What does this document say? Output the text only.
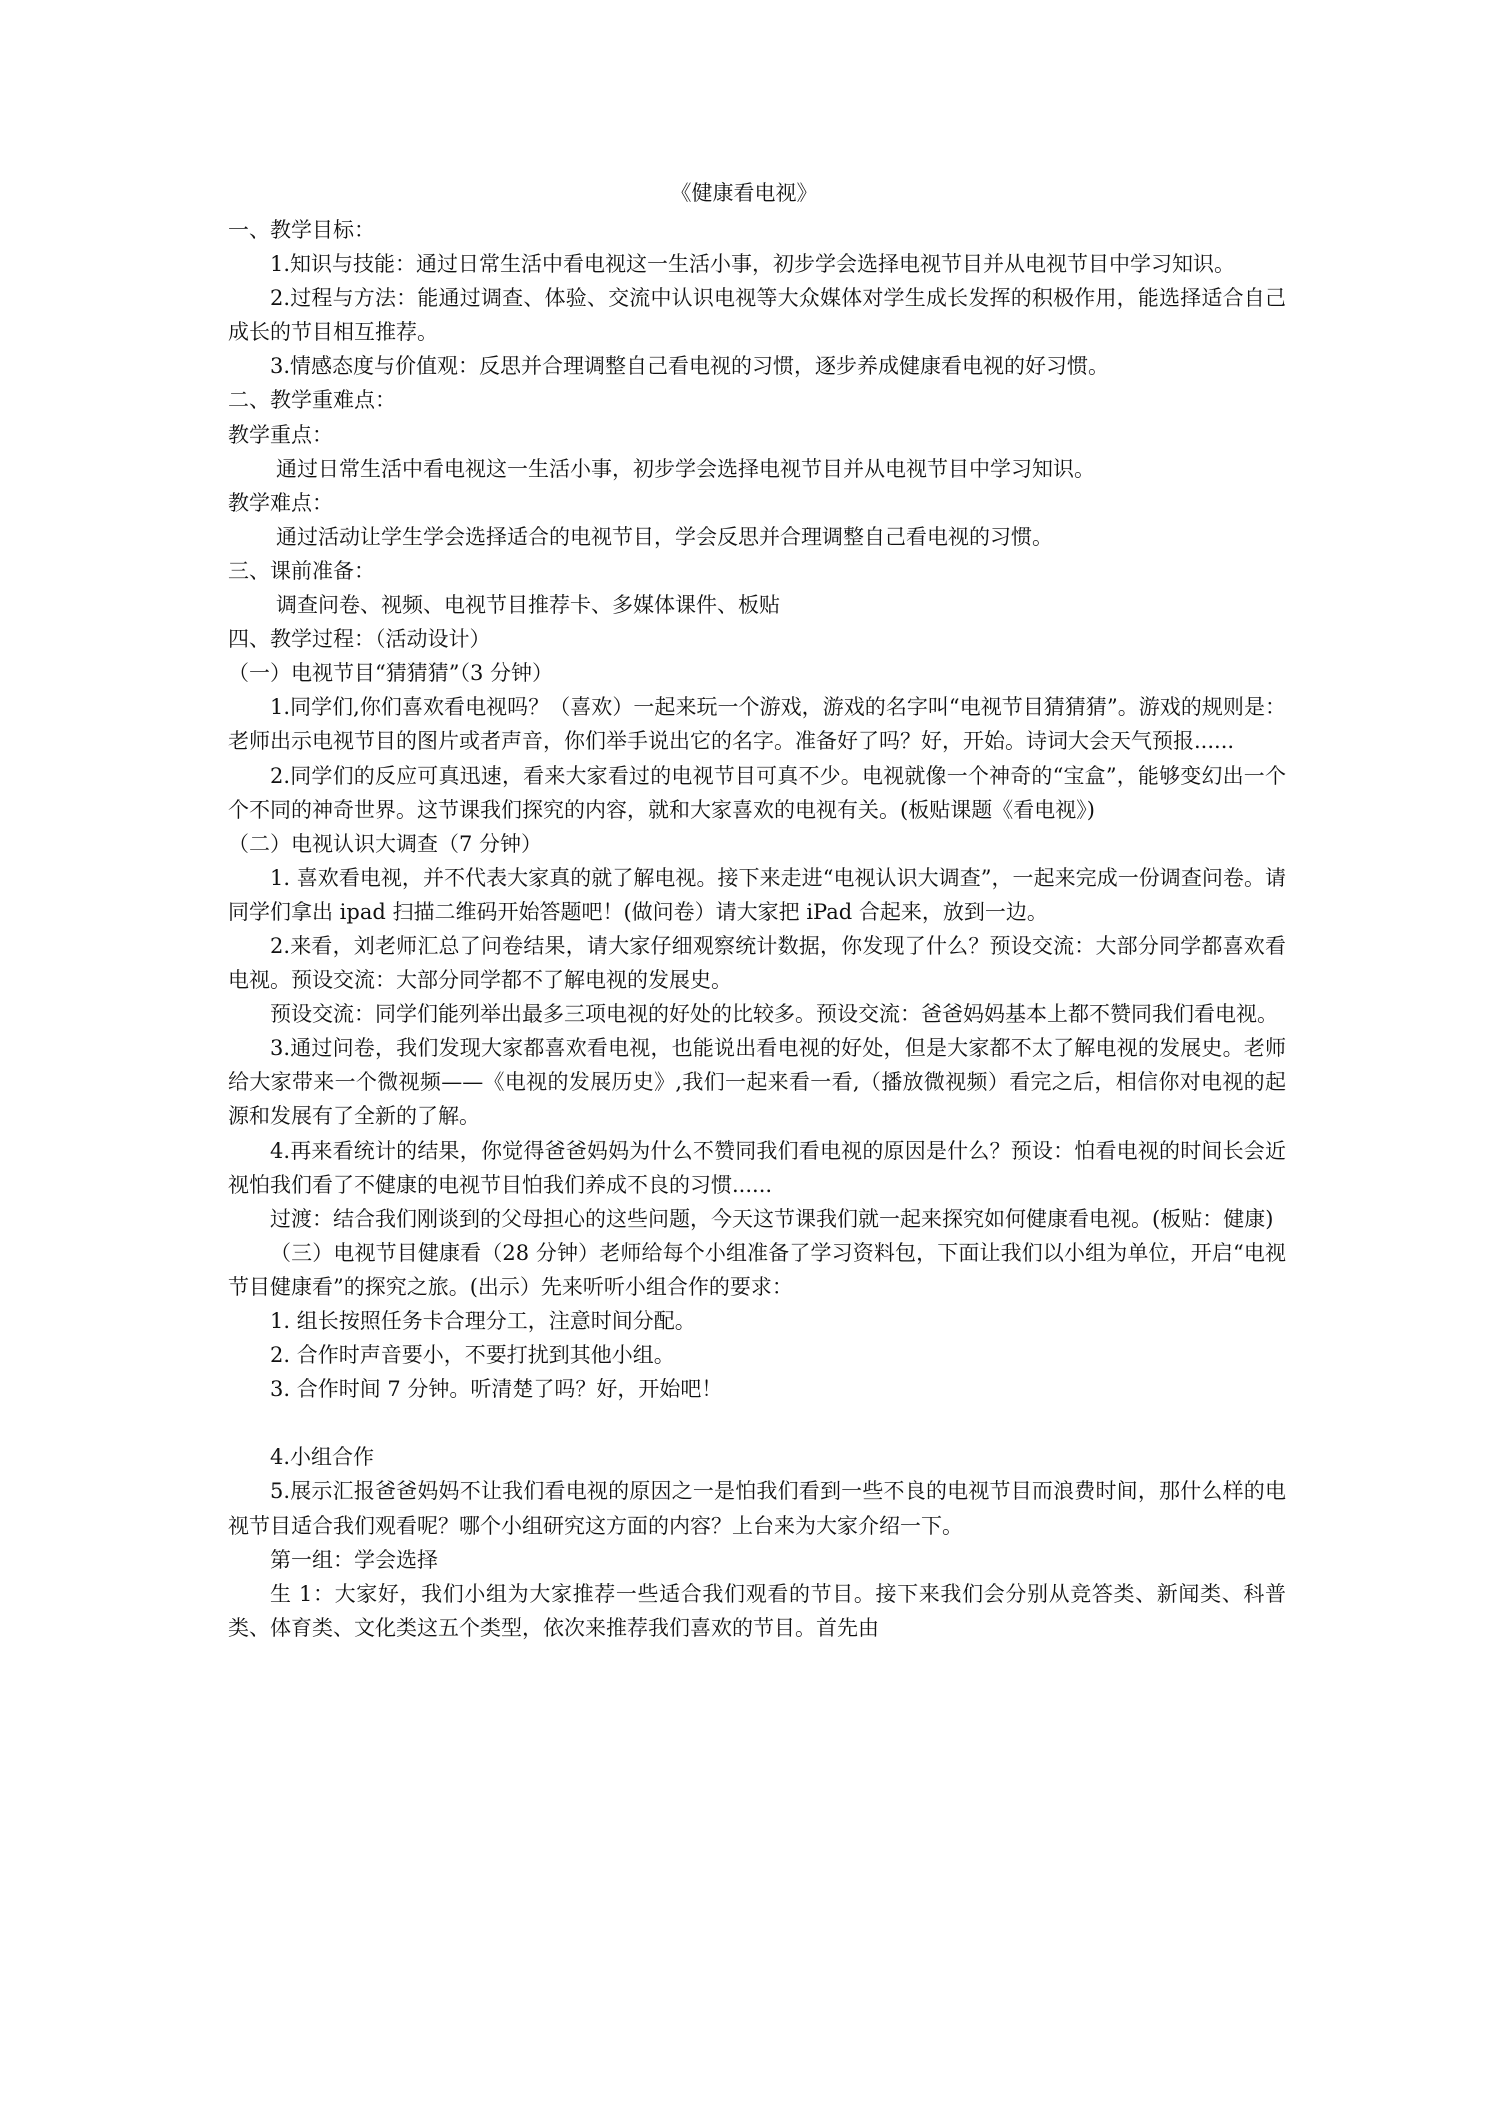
《健康看电视》

一、教学目标：

1.知识与技能：通过日常生活中看电视这一生活小事，初步学会选择电视节目并从电视节目中学习知识。

2.过程与方法：能通过调查、体验、交流中认识电视等大众媒体对学生成长发挥的积极作用，能选择适合自己成长的节目相互推荐。

3.情感态度与价值观：反思并合理调整自己看电视的习惯，逐步养成健康看电视的好习惯。

二、教学重难点：

教学重点：

通过日常生活中看电视这一生活小事，初步学会选择电视节目并从电视节目中学习知识。

教学难点：

通过活动让学生学会选择适合的电视节目，学会反思并合理调整自己看电视的习惯。

三、课前准备：

调查问卷、视频、电视节目推荐卡、多媒体课件、板贴

四、教学过程：（活动设计）

（一）电视节目“猜猜猜”（3 分钟）

1.同学们,你们喜欢看电视吗？（喜欢）一起来玩一个游戏，游戏的名字叫“电视节目猜猜猜”。游戏的规则是：老师出示电视节目的图片或者声音，你们举手说出它的名字。准备好了吗？好，开始。诗词大会天气预报......

2.同学们的反应可真迅速，看来大家看过的电视节目可真不少。电视就像一个神奇的“宝盒”，能够变幻出一个个不同的神奇世界。这节课我们探究的内容，就和大家喜欢的电视有关。(板贴课题《看电视》)

（二）电视认识大调查（7 分钟）

1. 喜欢看电视，并不代表大家真的就了解电视。接下来走进“电视认识大调查”，一起来完成一份调查问卷。请同学们拿出 ipad 扫描二维码开始答题吧！(做问卷）请大家把 iPad 合起来，放到一边。

2.来看，刘老师汇总了问卷结果，请大家仔细观察统计数据，你发现了什么？预设交流：大部分同学都喜欢看电视。预设交流：大部分同学都不了解电视的发展史。

预设交流：同学们能列举出最多三项电视的好处的比较多。预设交流：爸爸妈妈基本上都不赞同我们看电视。

3.通过问卷，我们发现大家都喜欢看电视，也能说出看电视的好处，但是大家都不太了解电视的发展史。老师给大家带来一个微视频——《电视的发展历史》,我们一起来看一看,（播放微视频）看完之后，相信你对电视的起源和发展有了全新的了解。

4.再来看统计的结果，你觉得爸爸妈妈为什么不赞同我们看电视的原因是什么？预设：怕看电视的时间长会近视怕我们看了不健康的电视节目怕我们养成不良的习惯......

过渡：结合我们刚谈到的父母担心的这些问题，今天这节课我们就一起来探究如何健康看电视。(板贴：健康)

（三）电视节目健康看（28 分钟）老师给每个小组准备了学习资料包，下面让我们以小组为单位，开启“电视节目健康看”的探究之旅。(出示）先来听听小组合作的要求：

1. 组长按照任务卡合理分工，注意时间分配。

2. 合作时声音要小，不要打扰到其他小组。

3. 合作时间 7 分钟。听清楚了吗？好，开始吧！

4.小组合作

5.展示汇报爸爸妈妈不让我们看电视的原因之一是怕我们看到一些不良的电视节目而浪费时间，那什么样的电视节目适合我们观看呢？哪个小组研究这方面的内容？上台来为大家介绍一下。

第一组：学会选择

生 1：大家好，我们小组为大家推荐一些适合我们观看的节目。接下来我们会分别从竞答类、新闻类、科普类、体育类、文化类这五个类型，依次来推荐我们喜欢的节目。首先由
